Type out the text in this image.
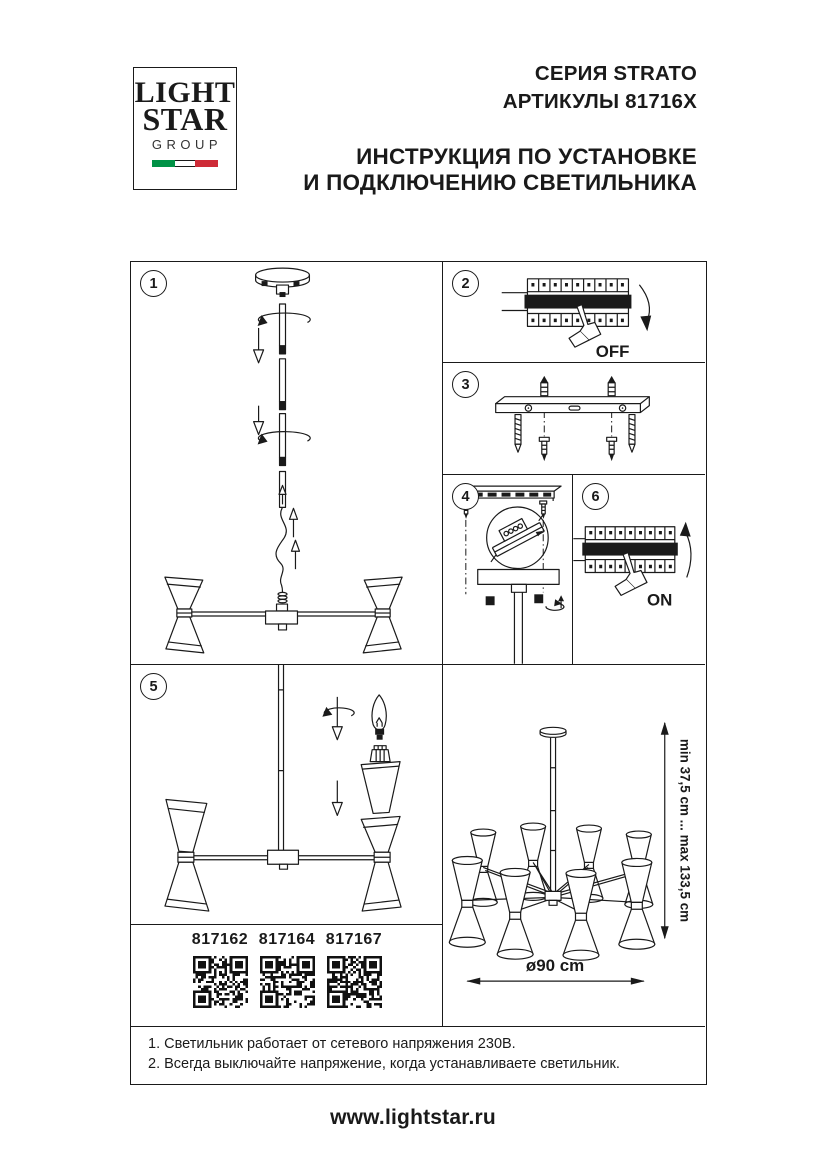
LIGHT
STAR
GROUP
СЕРИЯ STRATO
АРТИКУЛЫ 81716X
ИНСТРУКЦИЯ ПО УСТАНОВКЕ
И ПОДКЛЮЧЕНИЮ СВЕТИЛЬНИКА
1	2
OFF
3
4	6
ON
5
817162 817164 817167
min 37,5 cm ... max 133,5 cm
ø90 cm
1. Светильник работает от сетевого напряжения 230В.
2. Всегда выключайте напряжение, когда устанавливаете светильник.
www.lightstar.ru
